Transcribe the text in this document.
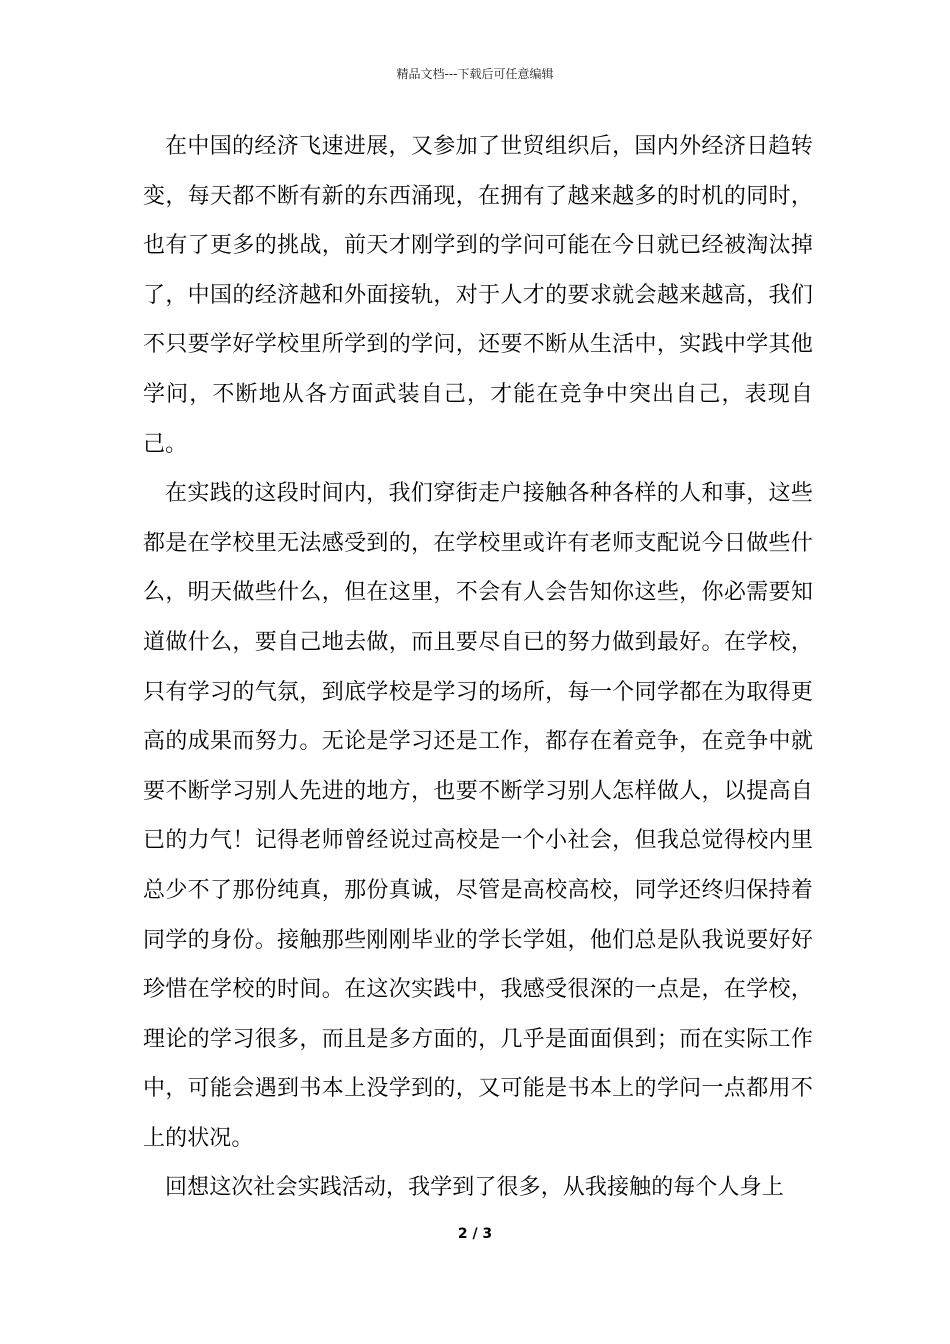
精品文档---下载后可任意编辑

在中国的经济飞速进展，又参加了世贸组织后，国内外经济日趋转变，每天都不断有新的东西涌现，在拥有了越来越多的时机的同时，也有了更多的挑战，前天才刚学到的学问可能在今日就已经被淘汰掉了，中国的经济越和外面接轨，对于人才的要求就会越来越高，我们不只要学好学校里所学到的学问，还要不断从生活中，实践中学其他学问，不断地从各方面武装自己，才能在竞争中突出自己，表现自己。

在实践的这段时间内，我们穿街走户接触各种各样的人和事，这些都是在学校里无法感受到的，在学校里或许有老师支配说今日做些什么，明天做些什么，但在这里，不会有人会告知你这些，你必需要知道做什么，要自己地去做，而且要尽自已的努力做到最好。在学校，只有学习的气氛，到底学校是学习的场所，每一个同学都在为取得更高的成果而努力。无论是学习还是工作，都存在着竞争，在竞争中就要不断学习别人先进的地方，也要不断学习别人怎样做人，以提高自已的力气！记得老师曾经说过高校是一个小社会，但我总觉得校内里总少不了那份纯真，那份真诚，尽管是高校高校，同学还终归保持着同学的身份。接触那些刚刚毕业的学长学姐，他们总是队我说要好好珍惜在学校的时间。在这次实践中，我感受很深的一点是，在学校，理论的学习很多，而且是多方面的，几乎是面面俱到；而在实际工作中，可能会遇到书本上没学到的，又可能是书本上的学问一点都用不上的状况。

回想这次社会实践活动，我学到了很多，从我接触的每个人身上

2 / 3
